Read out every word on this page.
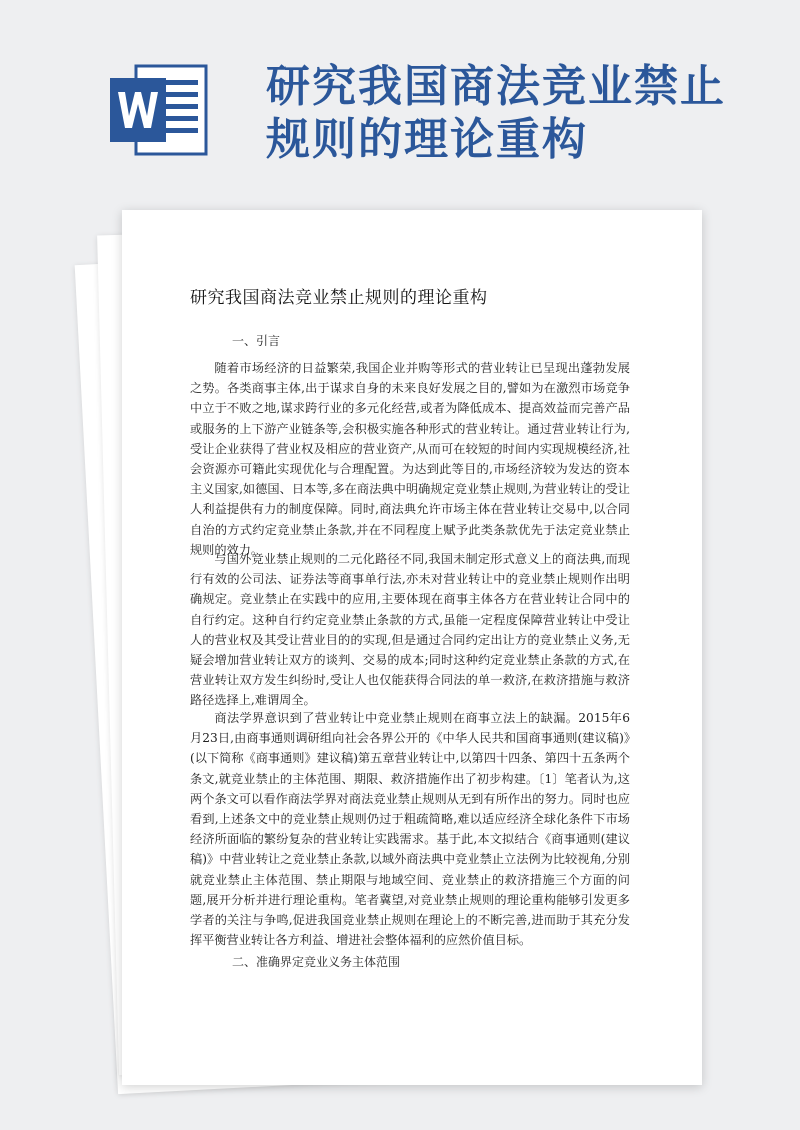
研究我国商法竞业禁止规则的理论重构
研究我国商法竞业禁止规则的理论重构
一、引言

随着市场经济的日益繁荣,我国企业并购等形式的营业转让已呈现出蓬勃发展之势。各类商事主体,出于谋求自身的未来良好发展之目的,譬如为在激烈市场竞争中立于不败之地,谋求跨行业的多元化经营,或者为降低成本、提高效益而完善产品或服务的上下游产业链条等,会积极实施各种形式的营业转让。通过营业转让行为,受让企业获得了营业权及相应的营业资产,从而可在较短的时间内实现规模经济,社会资源亦可籍此实现优化与合理配置。为达到此等目的,市场经济较为发达的资本主义国家,如德国、日本等,多在商法典中明确规定竞业禁止规则,为营业转让的受让人利益提供有力的制度保障。同时,商法典允许市场主体在营业转让交易中,以合同自治的方式约定竞业禁止条款,并在不同程度上赋予此类条款优先于法定竞业禁止规则的效力。

与国外竞业禁止规则的二元化路径不同,我国未制定形式意义上的商法典,而现行有效的公司法、证券法等商事单行法,亦未对营业转让中的竞业禁止规则作出明确规定。竞业禁止在实践中的应用,主要体现在商事主体各方在营业转让合同中的自行约定。这种自行约定竞业禁止条款的方式,虽能一定程度保障营业转让中受让人的营业权及其受让营业目的的实现,但是通过合同约定出让方的竞业禁止义务,无疑会增加营业转让双方的谈判、交易的成本;同时这种约定竞业禁止条款的方式,在营业转让双方发生纠纷时,受让人也仅能获得合同法的单一救济,在救济措施与救济路径选择上,难谓周全。

商法学界意识到了营业转让中竞业禁止规则在商事立法上的缺漏。2015年6月23日,由商事通则调研组向社会各界公开的《中华人民共和国商事通则(建议稿)》(以下简称《商事通则》建议稿)第五章营业转让中,以第四十四条、第四十五条两个条文,就竞业禁止的主体范围、期限、救济措施作出了初步构建。〔1〕笔者认为,这两个条文可以看作商法学界对商法竞业禁止规则从无到有所作出的努力。同时也应看到,上述条文中的竞业禁止规则仍过于粗疏简略,难以适应经济全球化条件下市场经济所面临的繁纷复杂的营业转让实践需求。基于此,本文拟结合《商事通则(建议稿)》中营业转让之竞业禁止条款,以域外商法典中竞业禁止立法例为比较视角,分别就竞业禁止主体范围、禁止期限与地域空间、竞业禁止的救济措施三个方面的问题,展开分析并进行理论重构。笔者冀望,对竞业禁止规则的理论重构能够引发更多学者的关注与争鸣,促进我国竞业禁止规则在理论上的不断完善,进而助于其充分发挥平衡营业转让各方利益、增进社会整体福利的应然价值目标。

二、准确界定竞业义务主体范围
